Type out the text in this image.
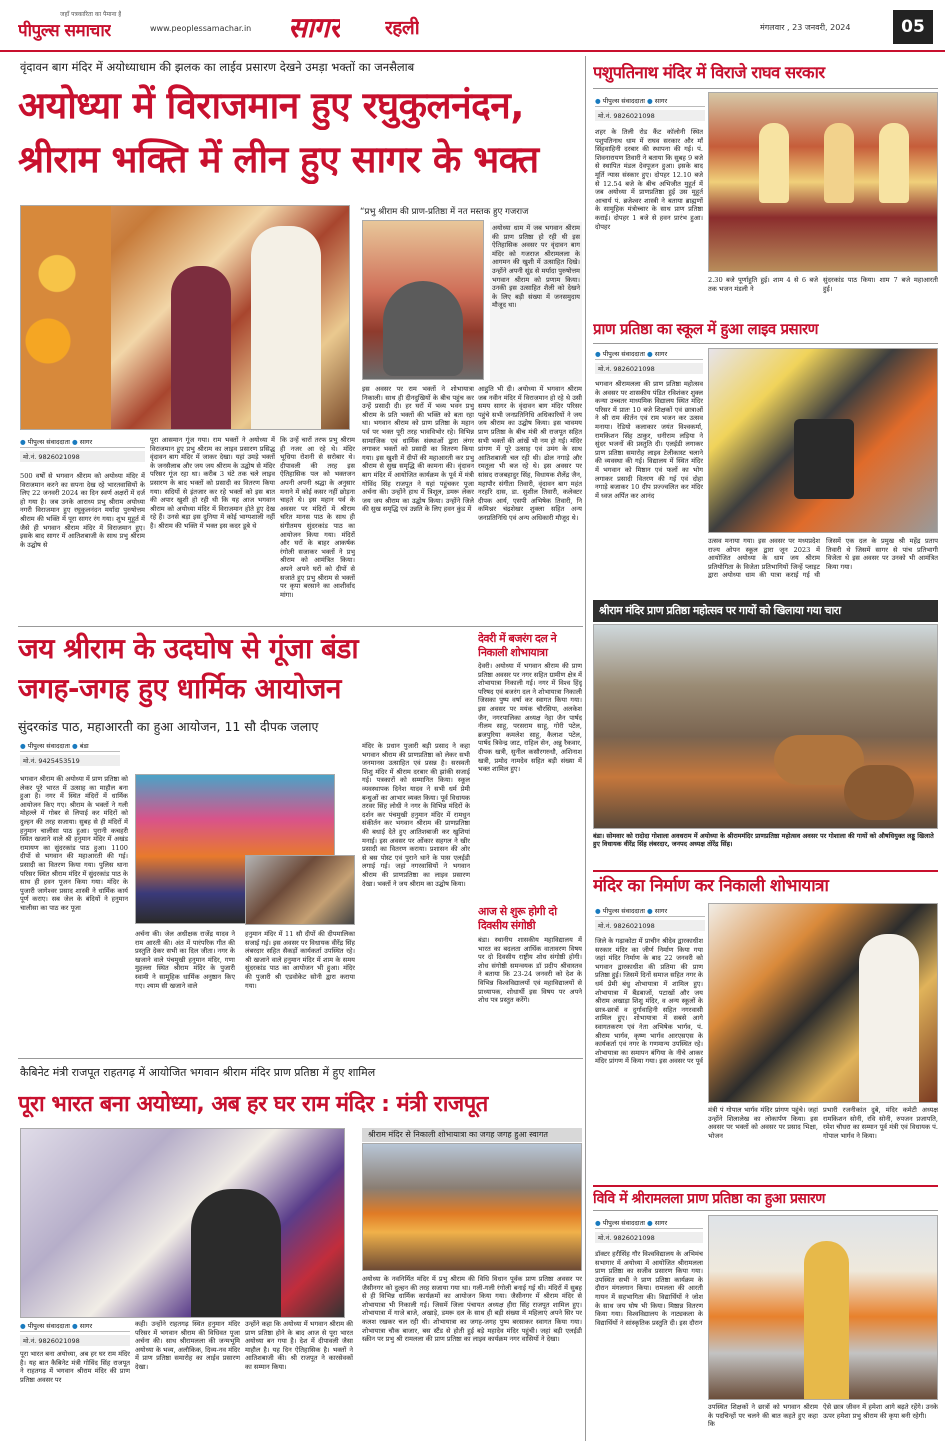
पीपुल्स समाचार
जहाँ पत्रकारिता का पैमाना है
www.peoplessamachar.in सागर रहली	मंगलवार , 23 जनवरी, 2024	05
वृंदावन बाग मंदिर में अयोध्याधाम की झलक का लाईव प्रसारण देखने उमड़ा भक्तों का जनसैलाब
अयोध्या में विराजमान हुए रघुकुलनंदन,
श्रीराम भक्ति में लीन हुए सागर के भक्त
● पीपुल्स संवाददाता ● सागर
मो.नं. 9826021098
“प्रभु श्रीराम की प्राण-प्रतिष्ठा में नत मस्तक हुए गजराज
अयोध्या धाम में जब भगवान श्रीराम की प्राण प्रतिष्ठा हो रही थी इस ऐतिहासिक अवसर पर वृंदावन बाग मंदिर को गजराज श्रीरामलला के आगमन की खुशी में उत्साहित दिखे। उन्होंने अपनी सूंड से मर्यादा पुरुषोत्तम भगवान श्रीराम को प्रणाम किया। उनकी इस उत्साहित शैली को देखने के लिए बड़ी संख्या में जनसमुदाय मौजूद था।
500 वर्षों से भगवान श्रीराम को अयोध्या मंदिर में विराजमान करने का सपना देख रहे भारतवासियों के लिए 22 जनवरी 2024 का दिन स्वर्ण अक्षरों में दर्ज हो गया है। जब उनके आराध्य प्रभु श्रीराम अयोध्या नगरी विराजमान हुए रघुकुलनंदन मर्यादा पुरुषोत्तम श्रीराम की भक्ति में पूरा सागर रंग गया। शुभ मुहूर्त में जैसे ही भगवान श्रीराम मंदिर में विराजमान हुए। इसके बाद सागर में आतिशबाजी के साथ प्रभु श्रीराम के उद्घोष से
पूरा आसमान गूंज गया। राम भक्तों ने अयोध्या में विराजमान हुए प्रभु श्रीराम का लाइव प्रसारण प्रसिद्ध वृंदावन बाग मंदिर में जाकर देखा। यहां उमड़े भक्तों के जनसैलाब और जय जय श्रीराम के उद्घोष से मंदिर परिसर गूंज रहा था। करीब 3 घंटे तक चले लाइव प्रसारण के बाद भक्तों को प्रसादी का वितरण किया गया। सदियों से इंतजार कर रहे भक्तों को इस बात की अपार खुशी हो रही थी कि यह आज भगवान श्रीराम को अयोध्या मंदिर में विराजमान होते हुए देख रहे हैं। उनसे बड़ा इस दुनिया में कोई भाग्यशाली नहीं है। श्रीराम की भक्ति में भक्त इस कदर डूबे थे
कि उन्हें चारों तरफ प्रभु श्रीराम ही नजर आ रहे थे। मंदिर भूधिया रोशनी से सरोबार थे। दीपावली की तरह इस ऐतिहासिक पल को भक्तजन अपनी अपनी श्रद्धा के अनुसार मनाने में कोई कसर नहीं छोड़ना चाहते थे। इस महान पर्व के अवसर पर मंदिरों में श्रीराम चरित मानस पाठ के साथ ही संगीतमय सुंदरकांड पाठ का आयोजन किया गया। मंदिरों और घरों के बाहर आकर्षक रंगोली सजाकर भक्तों ने प्रभु श्रीराम को आमंत्रित किया। अपने अपने घरों को दीपों से सजाते हुए प्रभु श्रीराम से भक्तों पर कृपा बरसाने का आशीर्वाद मांगा।
इस अवसर पर राम भक्तों ने शोभायात्रा निकाली। साथ ही दीनदुखियों के बीच पहुंच कर उन्हें प्रसादी दी। हर घरों में भव्य भवन प्रभु श्रीराम के प्रति भक्तों की भक्ति को बता रहा था। भगवान श्रीराम को प्राण प्रतिष्ठा के महान पर्व पर भक्त पूरी तरह भावविभोर रहे। विभिन्न सामाजिक एवं धार्मिक संस्थाओं द्वारा लंगर लगाकर भक्तों को प्रसादी का वितरण किया गया। इस खुशी में दीपों की महाआरती कर प्रभु श्रीराम से सुख समृद्धि की कामना की। वृंदावन बाग मंदिर में आयोजित कार्यक्रम के पूर्व में मंत्री गोविंद सिंह राजपूत ने यहां पहुंचकर पूजा अर्चना की। उन्होंने हाथ में त्रिशूल, डमरू लेकर जय जय श्रीराम का उद्घोष किया। उन्होंने जिले की सुख समृद्धि एवं उन्नति के लिए हवन कुंड में
आहुति भी दी। अयोध्या में भगवान श्रीराम जब नवीन मंदिर में विराजमान हो रहे थे उसी समय सागर के वृंदावन बाग मंदिर परिसर पहुंचे सभी जनप्रतिनिधि अधिकारियों ने जय जय श्रीराम का उद्घोष किया। इस भावमय प्राण प्रतिष्ठा के बीच मंत्री श्री राजपूत सहित सभी भक्तों की आंखें भी नम हो गईं। मंदिर प्रांगण में पूरे उत्साह एवं उमंग के साथ आतिशबाजी चल रही थी। ढोल नगाड़े और रमतूला भी बज रहे थे। इस अवसर पर सांसद राजबहादुर सिंह, विधायक शैलेंद्र जैन, महापौर संगीता तिवारी, वृंदावन बाग महंत नरहरि दास, डा. सुशील तिवारी, कलेक्टर दीपक आर्य, एसपी अभिषेक तिवारी, नि कमिश्नर चंद्रशेखर शुक्ला सहित अन्य जनप्रतिनिधि एवं अन्य अधिकारी मौजूद थे।
जय श्रीराम के उदघोष से गूंजा बंडा
जगह-जगह हुए धार्मिक आयोजन
सुंदरकांड पाठ, महाआरती का हुआ आयोजन, 11 सौ दीपक जलाए
● पीपुल्स संवाददाता ● बंडा
मो.नं. 9425453519
भगवान श्रीराम की अयोध्या में प्राण प्रतिष्ठा को लेकर पूरे भारत में उत्साह का माहौल बना हुआ है। नगर में स्थित मंदिरों में धार्मिक आयोजन किए गए। श्रीराम के भक्तों ने गली मोहल्ले में गोबर से लिपाई कर मंदिरों को दुल्हन की तरह सजाया। सुबह से ही मंदिरों में हनुमान चालीसा पाठ हुआ। पुरानी कचहरी स्थित खजाने वाले श्री हनुमान मंदिर में अखंड रामायण का सुंदरकांड पाठ हुआ। 1100 दीपों से भगवान की महाआरती की गई। प्रसादी का वितरण किया गया। पुलिस थाना परिसर स्थित श्रीराम मंदिर में सुंदरकांड पाठ के साथ ही हवन पूजन किया गया। मंदिर के पुजारी जागेश्वर प्रसाद शास्त्री ने धार्मिक कार्य पूर्ण कराए। सब जेल के बंदियों ने हनुमान चालीसा का पाठ कर पूजा
अर्चना की। जेल अधीक्षक राजेंद्र यादव ने राम आरती की। अंत में पारंपरिक गीत की प्रस्तुति देकर सभी का दिल जीता। नगर के खजाने वाले पंचमुखी हनुमान मंदिर, गणा मुहल्ला स्थित श्रीराम मंदिर के पुजारी स्वामी ने सामूहिक धार्मिक अनुष्ठान किए गए। श्याम सी खजाने वाले
हनुमान मंदिर में 11 सौ दीपों की दीपमालिका सजाई गई। इस अवसर पर विधायक वीरेंद्र सिंह लंबरदार सहित सैकड़ों कार्यकर्ता उपस्थित रहे। श्री खजाने वाले हनुमान मंदिर में शाम के समय सुंदरकांड पाठ का आयोजन भी हुआ। मंदिर की पुजारी श्री एडवोकेट सोनी द्वारा कराया गया।
मंदिर के प्रधान पुजारी बड़ी प्रसाद ने कहा भगवान श्रीराम की प्राणप्रतिष्ठा को लेकर सभी जनमानस उत्साहित एवं प्रसन्न है। सरस्वती शिशु मंदिर में श्रीराम दरबार की झांकी सजाई गई। पत्रकारों को सम्मानित किया। स्कूल व्यवस्थापक दिनेश यादव ने सभी धर्म प्रेमी बन्धुओं का आभार व्यक्त किया। पूर्व विधायक तरवर सिंह लोधी ने नगर के विभिन्न मंदिरों के दर्शन कर पंचमुखी हनुमान मंदिर में रामधुन संकीर्तन कर भगवान श्रीराम की प्राणप्रतिष्ठा की बधाई देते हुए आतिशबाजी कर खुशियां मनाई। इस अवसर पर ओंकार सहगल ने खीर प्रसादी का वितरण कराया। प्रशासन की ओर से बस पोस्ट एवं पुराने थाने के पास एलईडी लगाई गई। जहां नगरवासियों ने भगवान श्रीराम की प्राणप्रतिष्ठा का लाइव प्रसारण देखा। भक्तों ने जय श्रीराम का उद्घोष किया।
देवरी में बजरंग दल ने निकाली शोभायात्रा
देवरी। अयोध्या में भगवान श्रीराम की प्राण प्रतिष्ठा अवसर पर नगर सहित ग्रामीण क्षेत्र में शोभायात्रा निकाली गई। नगर में विश्व हिंदू परिषद एवं बजरंग दल ने शोभायात्रा निकाली जिसका पुष्प वर्षा कर स्वागत किया गया। इस अवसर पर मयंक चौरसिया, अलकेश जैन, नगरपालिका अध्यक्ष नेहा जैन पार्षद नीलम साहू, परसराम साहू, गोरी पटेल, ब्रजपुरिया कमलेश साहू, कैलाश पटेल, पार्षद त्रिवेन्द्र जाट, राहिल सेन, अन्नु रैकवार, दीपक खत्री, सुनील कसौरगरुधौ, अशिनाश खत्री, प्रमोद नामदेव सहित बड़ी संख्या में भक्त शामिल हुए।
आज से शुरू होगी दो दिवसीय संगोष्ठी
बंडा। स्थानीय शासकीय महाविद्यालय में भारत का बदलता आर्थिक वातावरण विषय पर दो दिवसीय राष्ट्रीय शोध संगोष्ठी होगी। शोध संगोष्ठी समन्वयक डॉ प्रदीप श्रीवास्तव ने बताया कि 23-24 जनवरी को देश के विभिन्न विश्वविद्यालयों एवं महाविद्यालयों से प्राध्यापक, शोधार्थी इस विषय पर अपने शोध पत्र प्रस्तुत करेंगे।
कैबिनेट मंत्री राजपूत राहतगढ़ में आयोजित भगवान श्रीराम मंदिर प्राण प्रतिष्ठा में हुए शामिल
पूरा भारत बना अयोध्या, अब हर घर राम मंदिर : मंत्री राजपूत
● पीपुल्स संवाददाता ● सागर
मो.नं. 9826021098
पूरा भारत बना अयोध्या, अब हर घर राम मंदिर है। यह बात कैबिनेट मंत्री गोविंद सिंह राजपूत ने राहतगढ़ में भगवान श्रीराम मंदिर की प्राण प्रतिष्ठा अवसर पर
कही। उन्होंने राहतगढ़ स्थित हनुमान मंदिर परिसर में भगवान श्रीराम की विधिवत पूजा अर्चना की। साथ श्रीरामलला की जन्मभूमि अयोध्या के भव्य, अलौकिक, दिव्य-नव मंदिर में प्राण प्रतिष्ठा समारोह का लाईव प्रसारण देखा।
उन्होंने कहा कि अयोध्या में भगवान श्रीराम की प्राण प्रतिष्ठा होने के बाद आज से पूरा भारत अयोध्या बन गया है। देश में दीपावली जैसा माहौल है। यह दिन ऐतिहासिक है। भक्तों ने आतिशबाजी की। श्री राजपूत ने कारसेवकों का सम्मान किया।
श्रीराम मंदिर से निकाली शोभायात्रा का जगह जगह हुआ स्वागत
अयोध्या के नवनिर्मित मंदिर में प्रभु श्रीराम की विधि विधान पूर्वक प्राण प्रतिष्ठा अवसर पर जैसीनगर को दुल्हन की तरह सजाया गया था। गली-गली रंगोली बनाई गई थी। मंदिरों में सुबह से ही विभिन्न धार्मिक कार्यक्रमों का आयोजन किया गया। जैसीनगर में श्रीराम मंदिर से शोभायात्रा भी निकाली गई। जिसमें जिला पंचायत अध्यक्ष हीरा सिंह राजपूत शामिल हुए। शोभायात्रा में गाजे बाजे, अखाड़े, डमरू दल के साथ ही बड़ी संख्या में महिलाएं अपने सिर पर कलश रखकर चल रही थी। शोभायात्रा का जगह-जगह पुष्प बरसाकर स्वागत किया गया। शोभायात्रा चौक बाजार, बस स्टैंड से होती हुई बड़े महादेव मंदिर पहुंची। जहां बड़ी एलईडी स्क्रीन पर प्रभु श्री रामलला की प्राण प्रतिष्ठा का लाइव कार्यक्रम नगर वासियों ने देखा।
पशुपतिनाथ मंदिर में विराजे राघव सरकार
● पीपुल्स संवाददाता ● सागर
मो.नं. 9826021098
शहर के तिली रोड कैंट कॉलोनी स्थित पशुपतिनाथ धाम में राघव सरकार और माँ सिंहवाहिनी दरबार की स्थापना की गई। पं. शिवनारायण तिवारी ने बताया कि सुबह 9 बजे से स्थापित मंडल देवपूजन हुआ। इसके बाद मूर्ति न्यास संस्कार हुए। दोपहर 12.10 बजे से 12.54 बजे के बीच अभिजीत मुहूर्त में जब अयोध्या में प्राणप्रतिष्ठा हुई उस मुहूर्त आचार्य पं. ब्रजेश्वर शास्त्री ने बताया ब्राह्मणों के सामूहिक मंत्रोच्चार के साथ प्राण प्रतिष्ठा कराई। दोपहर 1 बजे से हवन प्रारंभ हुआ। दोपहर
2.30 बजे पूर्णाहुति हुई। शाम 4 से 6 बजे तक भजन मंडली ने
सुंदरकांड पाठ किया। शाम 7 बजे महाआरती हुई।
प्राण प्रतिष्ठा का स्कूल में हुआ लाइव प्रसारण
● पीपुल्स संवाददाता ● सागर
मो.नं. 9826021098
भगवान श्रीरामलला की प्राण प्रतिष्ठा महोत्सव के अवसर पर शासकीय पंडित रविशंकर शुक्ल कन्या उच्चतर माध्यमिक विद्यालय स्थित मंदिर परिसर में प्रातः 10 बजे शिक्षकों एवं छात्राओं ने श्री राम कीर्तन एवं राम भजन कर उत्सव मनाया। रेडियो कलाकार जयंत विश्वकर्मा, रामकिशन सिंह ठाकुर, धनीराम लड़िया ने सुंदर भजनों की प्रस्तुति दी। एलईडी लगाकर प्राण प्रतिष्ठा समारोह लाइव टेलीकास्ट चलाने की व्यवस्था की गई। विद्यालय में स्थित मंदिर में भगवान को मिष्ठान एवं फलों का भोग लगाकर प्रसादी वितरण की गई एवं दोहा नगाड़े बजाकर 10 दीप प्रज्ज्वलित कर मंदिर में ध्वज अर्पित कर आनंद
उत्सव मनाया गया। इस अवसर पर मध्यप्रदेश राज्य ओपन स्कूल द्वारा जून 2023 में आयोजित अयोध्या के धाम जय श्रीराम प्रतियोगिता के विजेता प्रतिभागियों जिन्हें प्लाइट द्वारा अयोध्या धाम की यात्रा कराई गई थी जिसमें एक दल के प्रमुख श्री महेंद्र प्रताप तिवारी थे जिसमें सागर से पांच प्रतिभागी विजेता थे इस अवसर पर उनको भी आमंत्रित किया गया।
श्रीराम मंदिर प्राण प्रतिष्ठा महोत्सव पर गायों को खिलाया गया चारा
बंडा। सोमवार को रादोदा गोशाला अवधराम में अयोध्या के श्रीराममंदिर प्राणप्रतिष्ठा महोत्सव अवसर पर गोशाला की गायों को औषधियुक्त लड्डू खिलाते हुए विधायक वीरेंद्र सिंह लंबरदार, जनपद अध्यक्ष तोरेंद्र सिंह।
मंदिर का निर्माण कर निकाली शोभायात्रा
● पीपुल्स संवाददाता ● सागर
मो.नं. 9826021098
जिले के गढ़ाकोटा में प्राचीन श्रीदेव द्वारकाधीश सरकार मंदिर का जीर्ण निर्माण किया गया जहां मंदिर निर्माण के बाद 22 जनवरी को भगवान द्वारकाधीश की प्रतिमा की प्राण प्रतिष्ठा हुई। जिसमें दिनों समाज सहित नगर के धर्म प्रेमी बंधु शोभायात्रा में शामिल हुए। शोभायात्रा में बैंडबाजों, पटाखों और जय श्रीराम अखाड़ा शिशु मंदिर, व अन्य स्कूलों के छात्र-छात्रों व दुर्गावाहिनी सहित नगरवासी शामिल हुए। शोभायात्रा में सबसे आगे स्वागतकरण एवं नेता अभिषेक भार्गव, पं. श्रीराम भार्गव, कृष्ण भार्गव आरएसएस के कार्यकर्ता एवं नगर के गणमान्य उपस्थित रहे। शोभायात्रा का समापन बंगिया के नीचे आकर मंदिर प्रांगण में किया गया। इस अवसर पर पूर्व
मंत्री पं गोपाल भार्गव मंदिर प्रांगण पहुंचे। जहां उन्होंने शिलालेख का लोकार्पण किया। इस अवसर पर भक्तों को अवसर पर प्रसाद भिक्षा, भोजन
प्रभारी रजनीकांत दुबे, मंदिर कमेटी अध्यक्ष रामकिशन सोनी, रवि सोनी, रुपजन प्रजापति, रमेश चौधरा का सम्मान पूर्व मंत्री एवं विधायक पं. गोपाल भार्गव ने किया।
विवि में श्रीरामलला प्राण प्रतिष्ठा का हुआ प्रसारण
● पीपुल्स संवाददाता ● सागर
मो.नं. 9826021098
डॉक्टर हरीसिंह गौर विश्वविद्यालय के अभिमंच सभागार में अयोध्या में आयोजित श्रीरामलला प्राण प्रतिष्ठा का सजीव प्रसारण किया गया। उपस्थित सभी ने प्राण प्रतिष्ठा कार्यक्रम के दौरान मंगलगान किया। रामलला की आरती गायन में सहभागिता की। विद्यार्थियों ने जोश के साथ जय घोष भी किया। मिष्ठान्न वितरण किया गया। विश्वविद्यालय के नाट्यकला के विद्यार्थियों ने सांस्कृतिक प्रस्तुति दी। इस दौरान
उपस्थित शिक्षकों ने छात्रों को भगवान श्रीराम के पदचिन्हों पर चलने की बात कहते हुए कहा कि
ऐसे छात्र जीवन में हमेशा आगे बढ़ते रहेंगे। उनके ऊपर हमेशा प्रभु श्रीराम की कृपा बनी रहेगी।
